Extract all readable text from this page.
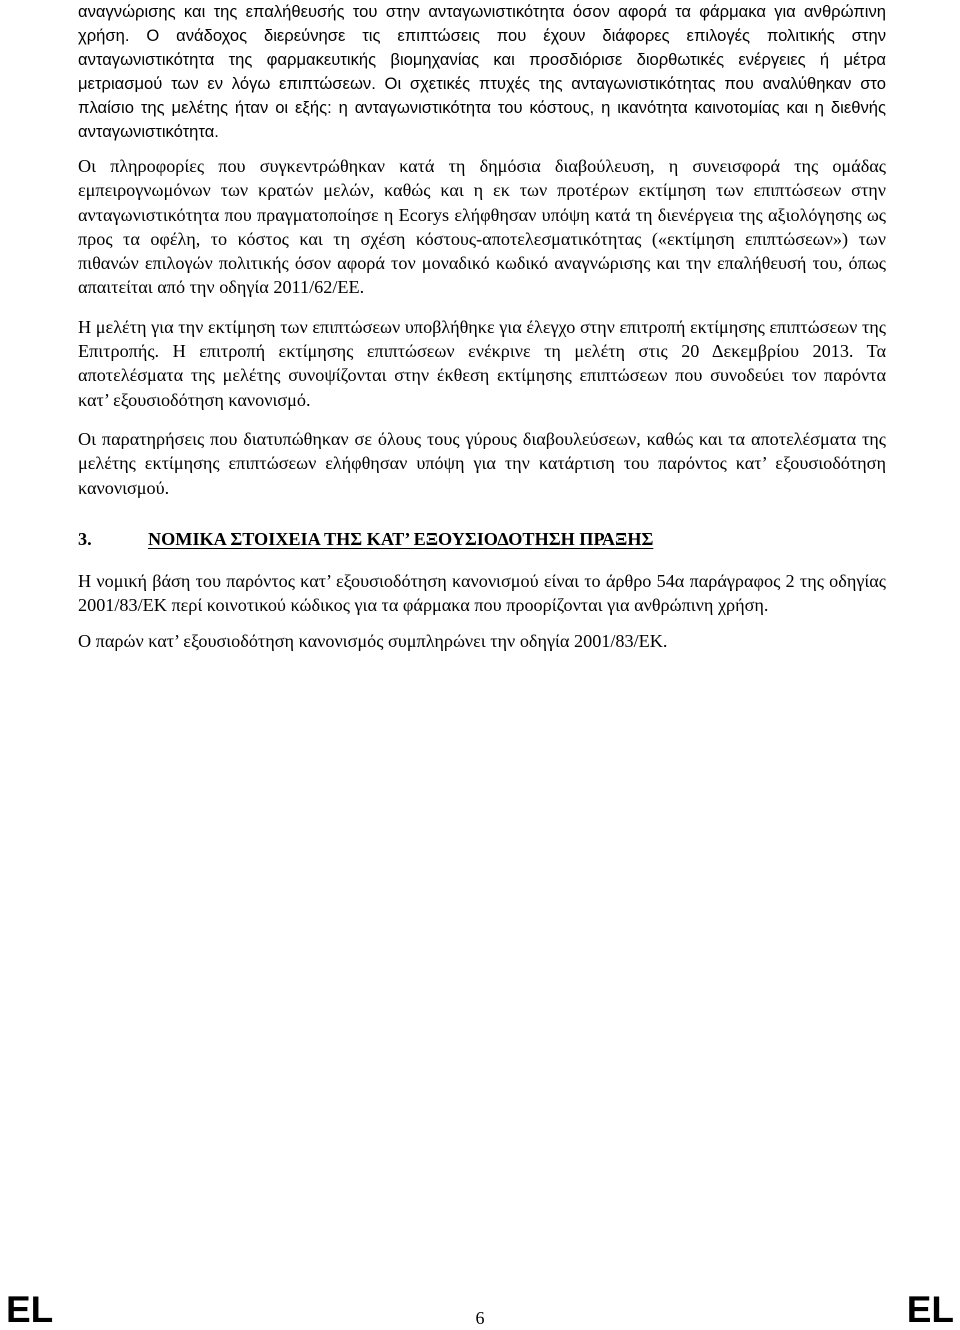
αναγνώρισης και της επαλήθευσής του στην ανταγωνιστικότητα όσον αφορά τα φάρμακα για ανθρώπινη χρήση. Ο ανάδοχος διερεύνησε τις επιπτώσεις που έχουν διάφορες επιλογές πολιτικής στην ανταγωνιστικότητα της φαρμακευτικής βιομηχανίας και προσδιόρισε διορθωτικές ενέργειες ή μέτρα μετριασμού των εν λόγω επιπτώσεων. Οι σχετικές πτυχές της ανταγωνιστικότητας που αναλύθηκαν στο πλαίσιο της μελέτης ήταν οι εξής: η ανταγωνιστικότητα του κόστους, η ικανότητα καινοτομίας και η διεθνής ανταγωνιστικότητα.

Οι πληροφορίες που συγκεντρώθηκαν κατά τη δημόσια διαβούλευση, η συνεισφορά της ομάδας εμπειρογνωμόνων των κρατών μελών, καθώς και η εκ των προτέρων εκτίμηση των επιπτώσεων στην ανταγωνιστικότητα που πραγματοποίησε η Ecorys ελήφθησαν υπόψη κατά τη διενέργεια της αξιολόγησης ως προς τα οφέλη, το κόστος και τη σχέση κόστους-αποτελεσματικότητας («εκτίμηση επιπτώσεων») των πιθανών επιλογών πολιτικής όσον αφορά τον μοναδικό κωδικό αναγνώρισης και την επαλήθευσή του, όπως απαιτείται από την οδηγία 2011/62/ΕΕ.

Η μελέτη για την εκτίμηση των επιπτώσεων υποβλήθηκε για έλεγχο στην επιτροπή εκτίμησης επιπτώσεων της Επιτροπής. Η επιτροπή εκτίμησης επιπτώσεων ενέκρινε τη μελέτη στις 20 Δεκεμβρίου 2013. Τα αποτελέσματα της μελέτης συνοψίζονται στην έκθεση εκτίμησης επιπτώσεων που συνοδεύει τον παρόντα κατ’ εξουσιοδότηση κανονισμό.

Οι παρατηρήσεις που διατυπώθηκαν σε όλους τους γύρους διαβουλεύσεων, καθώς και τα αποτελέσματα της μελέτης εκτίμησης επιπτώσεων ελήφθησαν υπόψη για την κατάρτιση του παρόντος κατ’ εξουσιοδότηση κανονισμού.

3.	ΝΟΜΙΚΑ ΣΤΟΙΧΕΙΑ ΤΗΣ ΚΑΤ’ ΕΞΟΥΣΙΟΔΟΤΗΣΗ ΠΡΑΞΗΣ

Η νομική βάση του παρόντος κατ’ εξουσιοδότηση κανονισμού είναι το άρθρο 54α παράγραφος 2 της οδηγίας 2001/83/ΕΚ περί κοινοτικού κώδικος για τα φάρμακα που προορίζονται για ανθρώπινη χρήση.

Ο παρών κατ’ εξουσιοδότηση κανονισμός συμπληρώνει την οδηγία 2001/83/ΕΚ.

EL	6	EL
